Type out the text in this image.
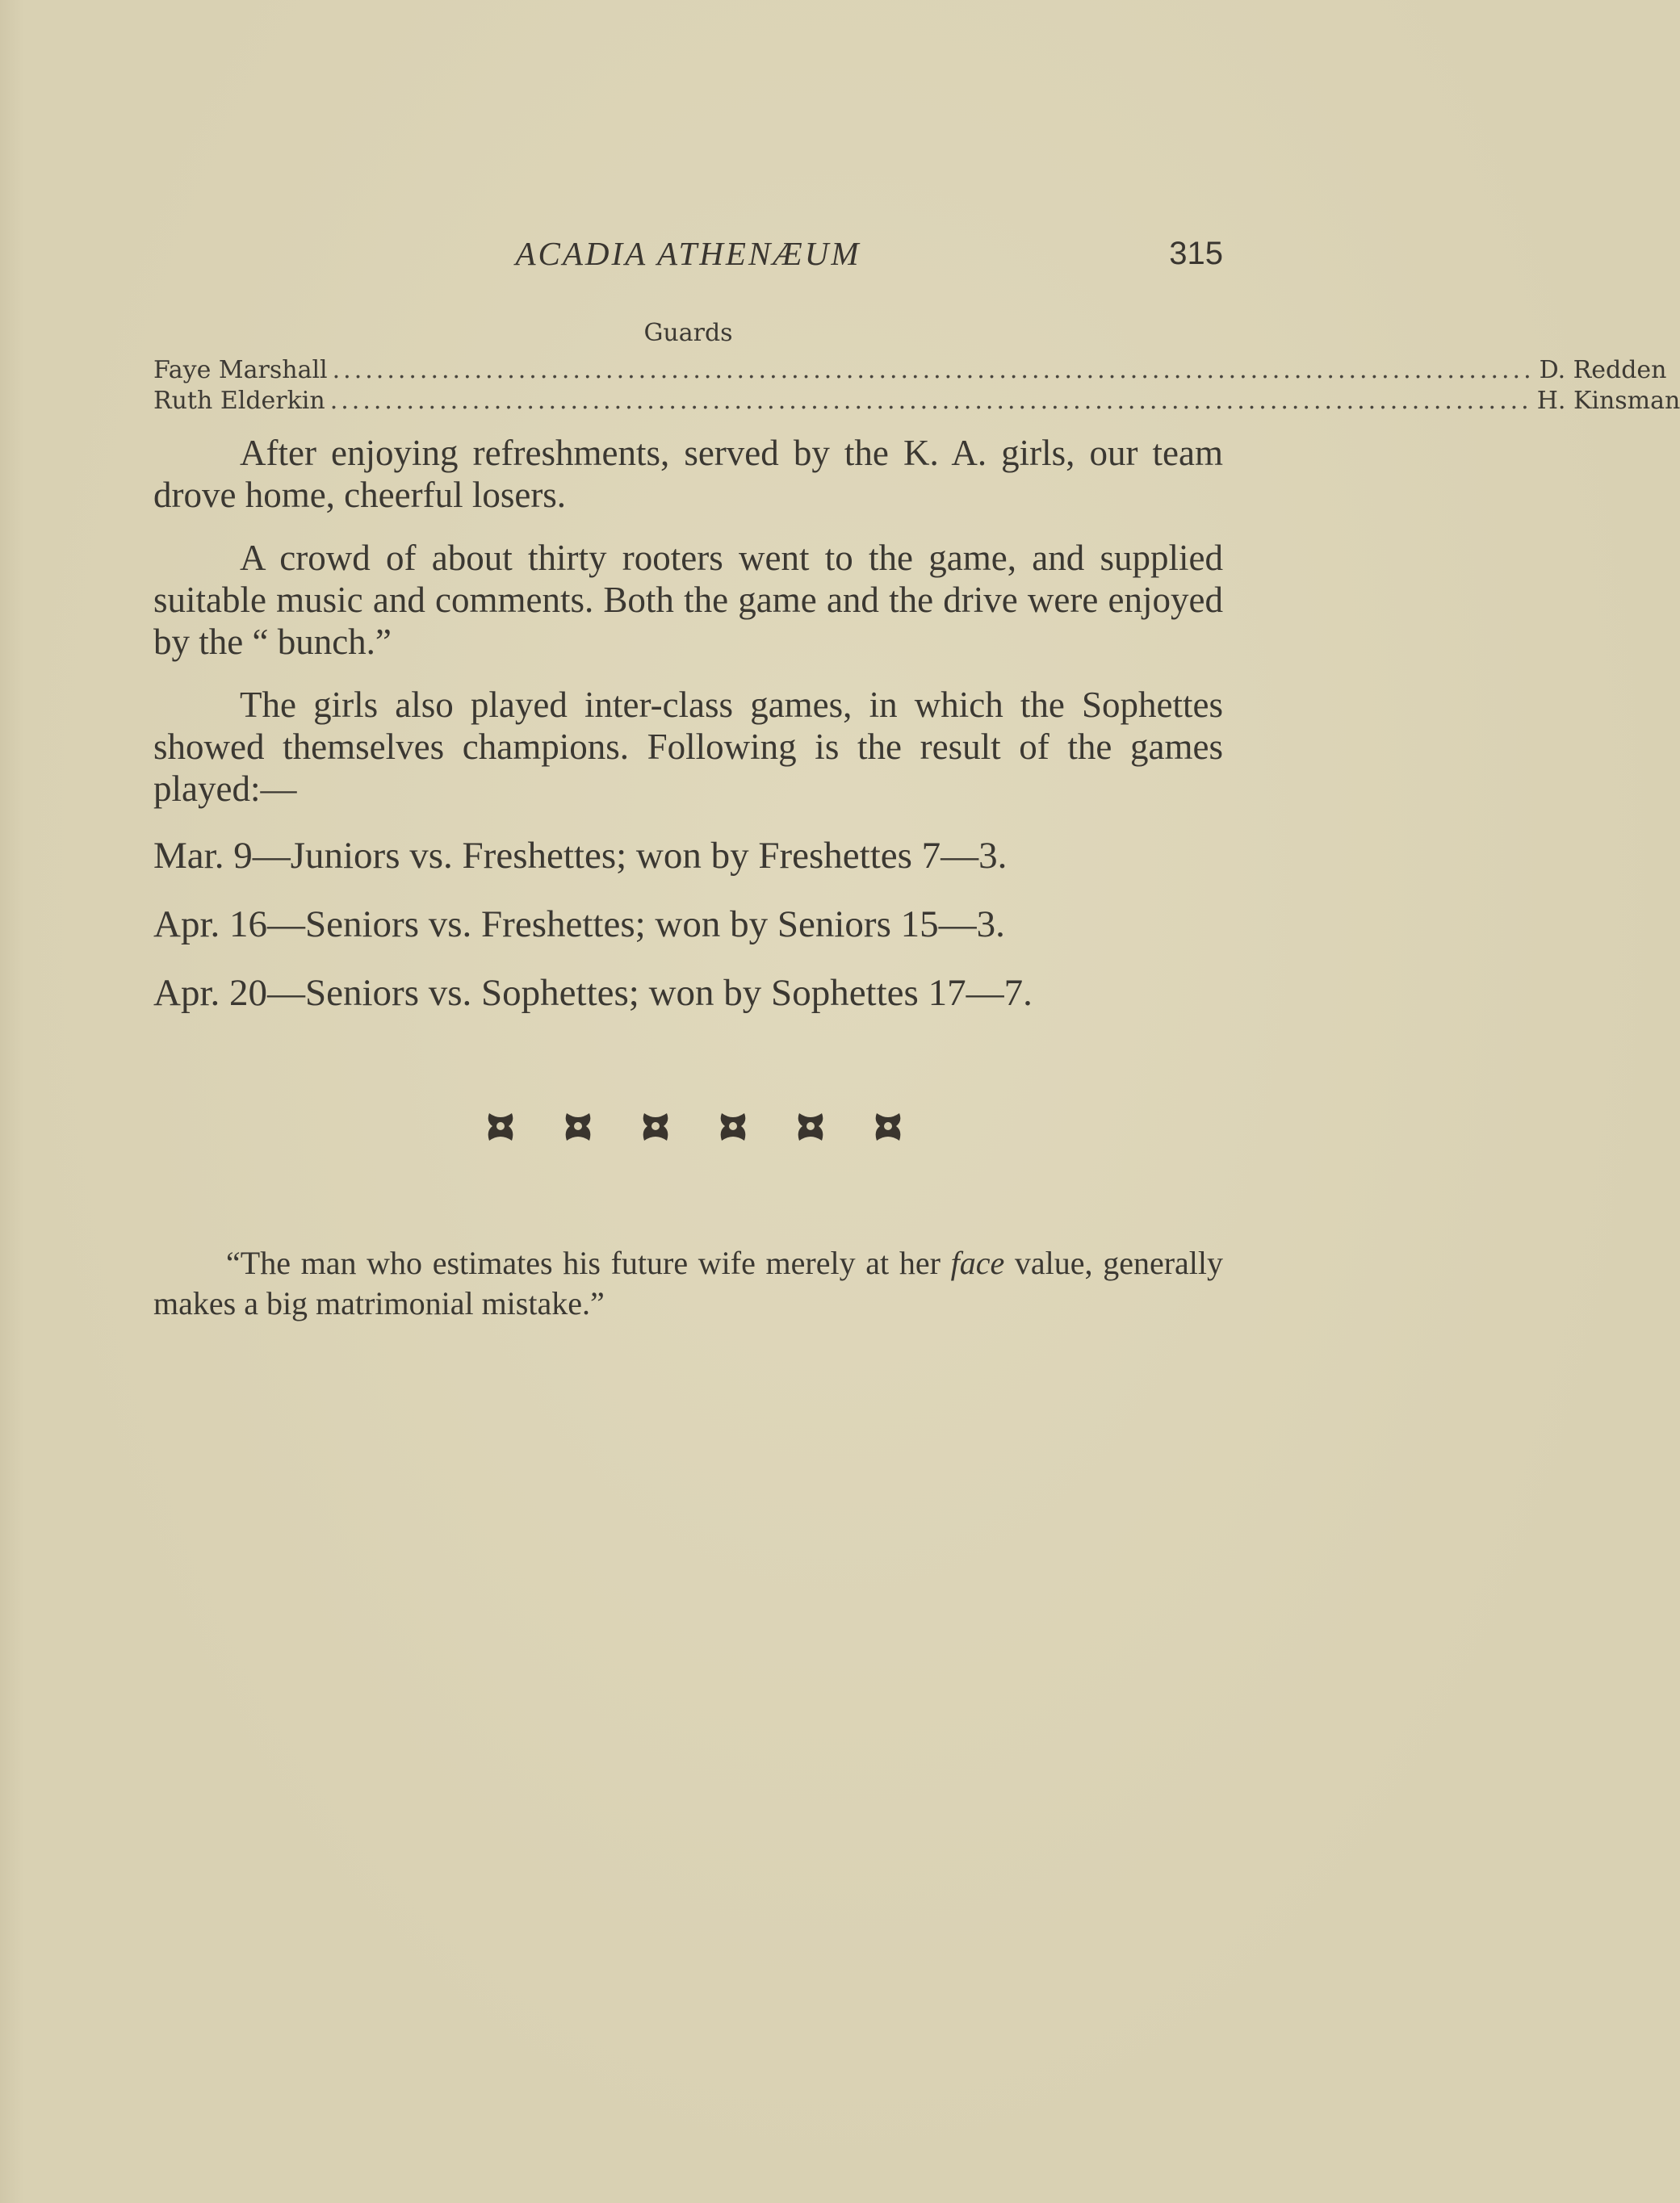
ACADIA ATHENÆUM	315
Guards
Faye Marshall .............................................................................................................. D. Redden
Ruth Elderkin .............................................................................................................. H. Kinsman

After enjoying refreshments, served by the K. A. girls, our team drove home, cheerful losers.

A crowd of about thirty rooters went to the game, and supplied suitable music and comments. Both the game and the drive were enjoyed by the “ bunch.”

The girls also played inter-class games, in which the Sophettes showed themselves champions. Following is the result of the games played:—

Mar. 9—Juniors vs. Freshettes; won by Freshettes 7—3.
Apr. 16—Seniors vs. Freshettes; won by Seniors 15—3.
Apr. 20—Seniors vs. Sophettes; won by Sophettes 17—7.

“The man who estimates his future wife merely at her face value, generally makes a big matrimonial mistake.”
